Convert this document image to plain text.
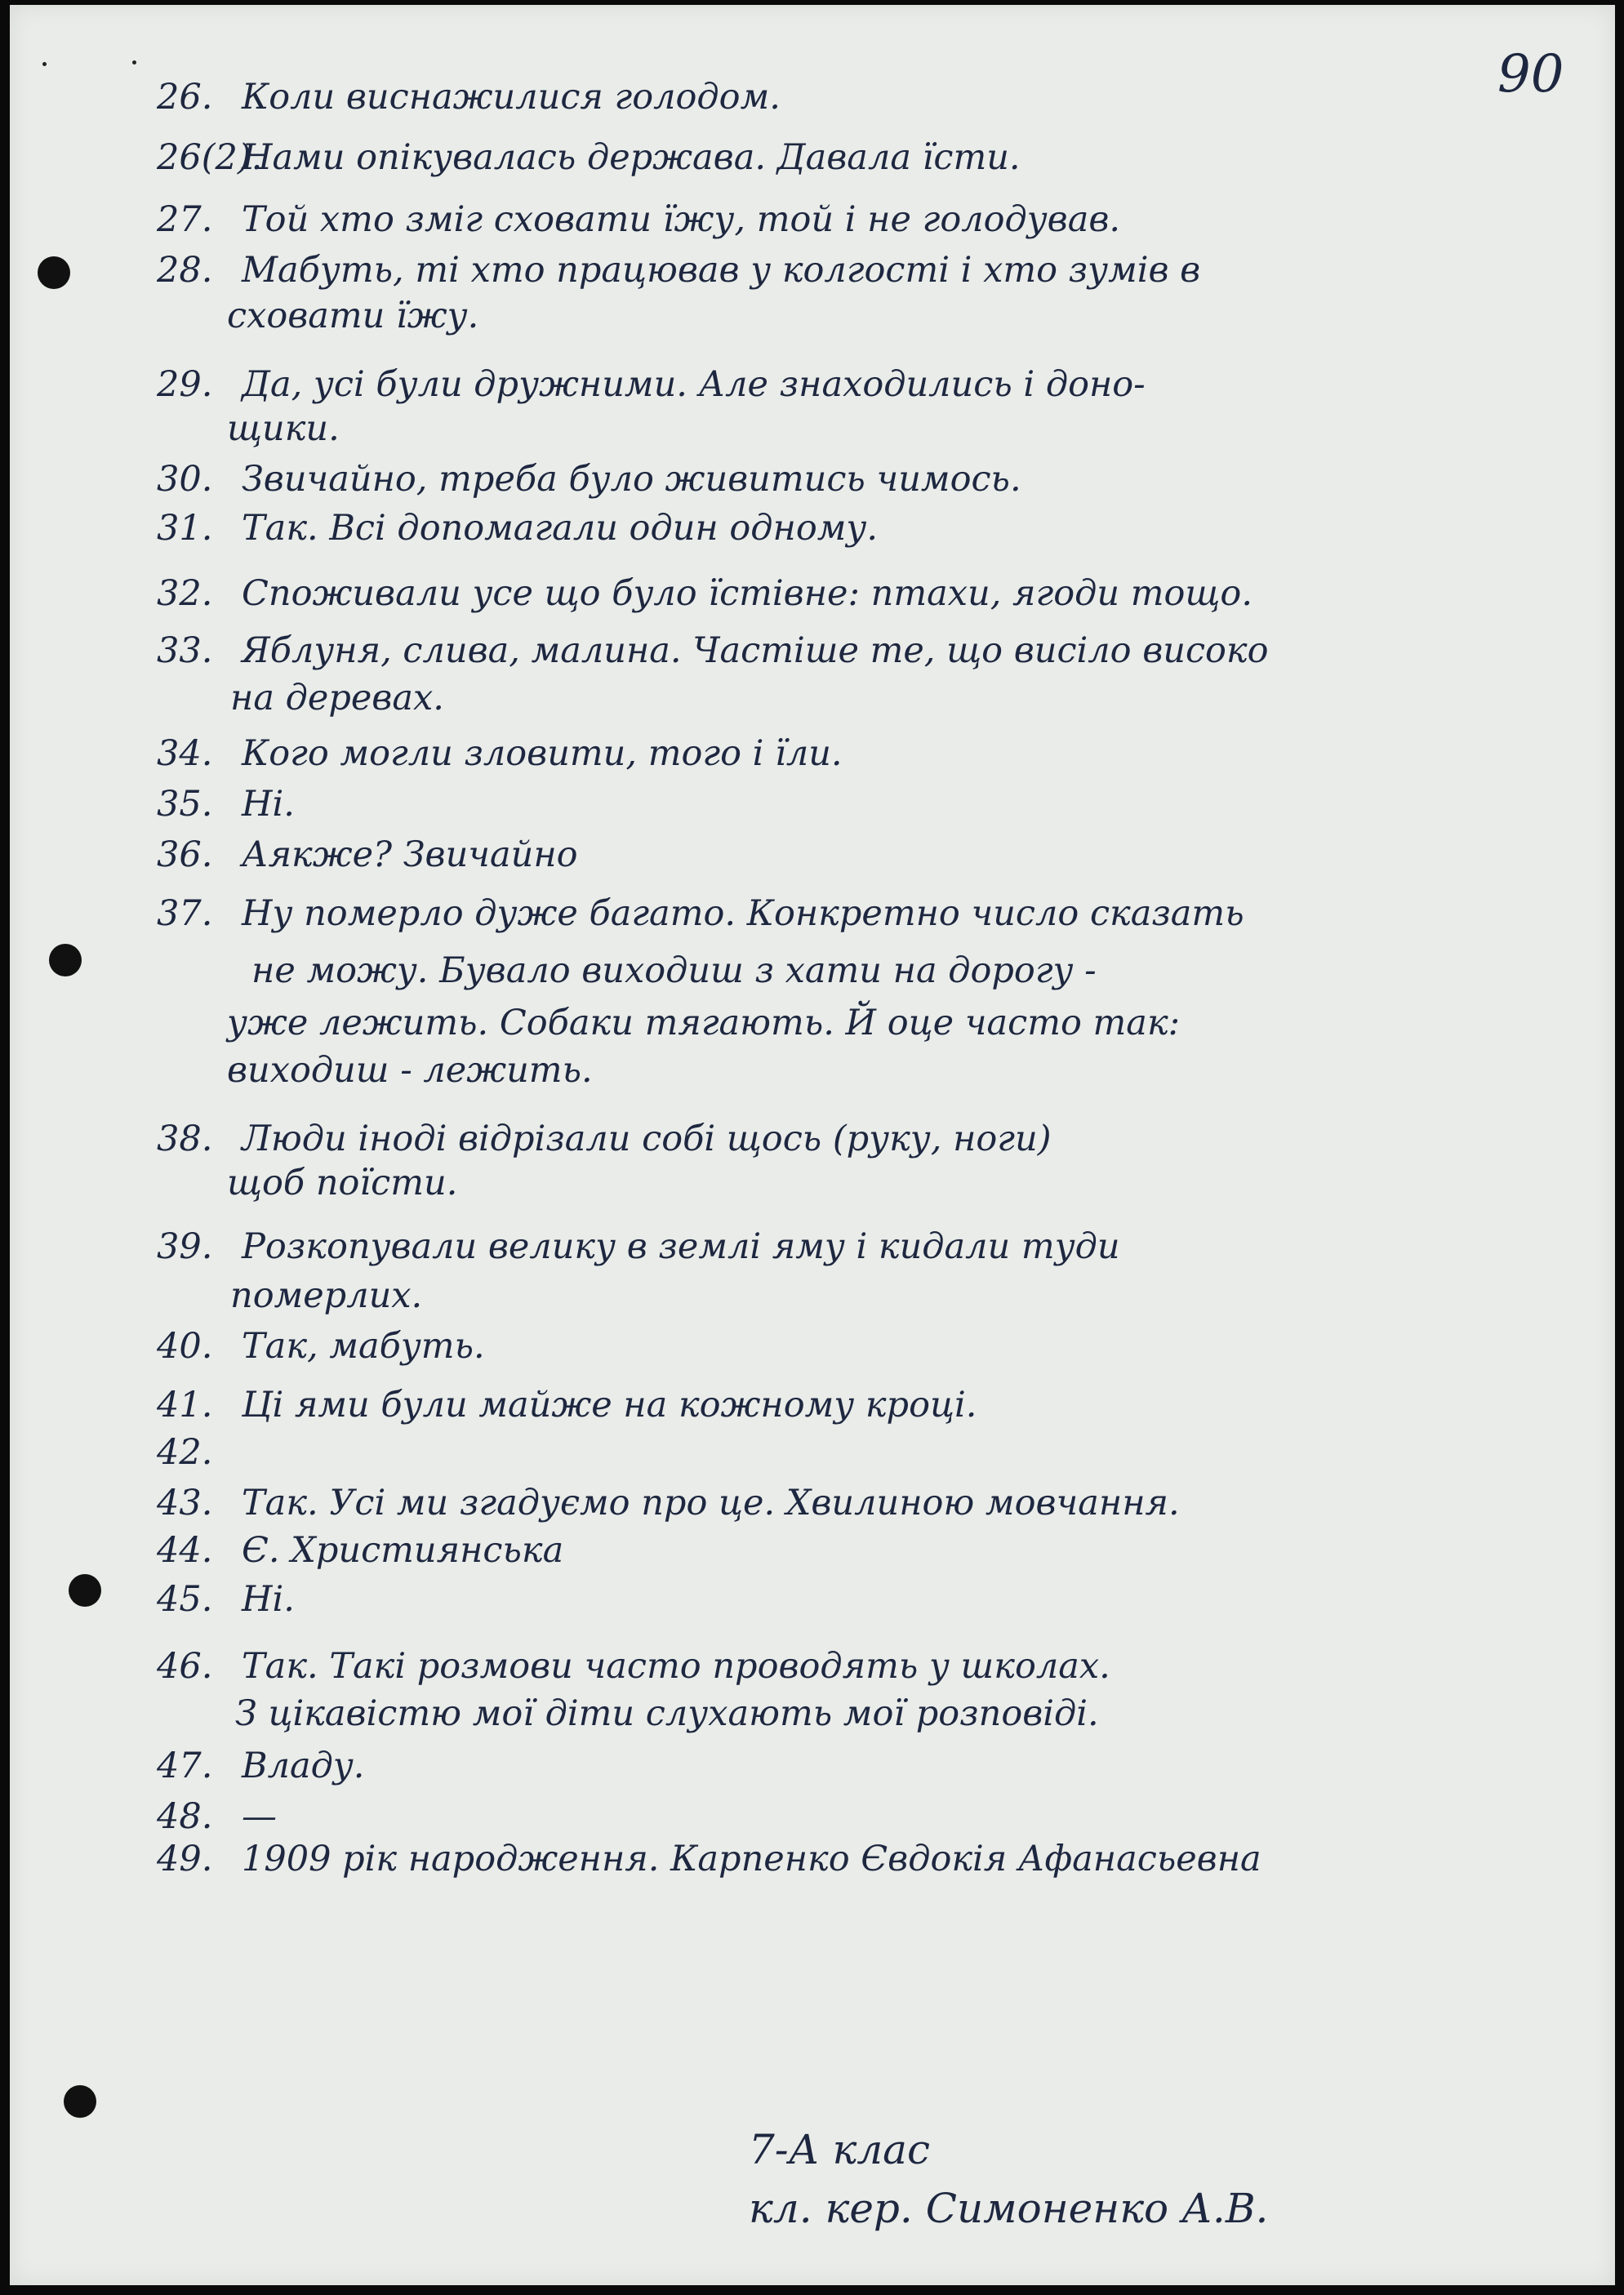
90
26. Коли виснажилися голодом.
26(2).Нами опікувалась держава. Давала їсти.
27. Той хто зміг сховати їжу, той і не голодував.
28. Мабуть, ті хто працював у колгості і хто зумів в
сховати їжу.
29. Да, усі були дружними. Але знаходились і доно-
щики.
30. Звичайно, треба було живитись чимось.
31. Так. Всі допомагали один одному.
32. Споживали усе що було їстівне: птахи, ягоди тощо.
33. Яблуня, слива, малина. Частіше те, що висіло високо
на деревах.
34. Кого могли зловити, того і їли.
35. Ні.
36. Аякже? Звичайно
37. Ну померло дуже багато. Конкретно число сказать
не можу. Бувало виходиш з хати на дорогу -
уже лежить. Собаки тягають. Й оце часто так:
виходиш - лежить.
38. Люди іноді відрізали собі щось (руку, ноги)
щоб поїсти.
39. Розкопували велику в землі яму і кидали туди
померлих.
40. Так, мабуть.
41. Ці ями були майже на кожному кроці.
42.
43. Так. Усі ми згадуємо про це. Хвилиною мовчання.
44. Є. Християнська
45. Ні.
46. Так. Такі розмови часто проводять у школах.
З цікавістю мої діти слухають мої розповіді.
47. Владу.
48. —
49. 1909 рік народження. Карпенко Євдокія Афанасьевна
7-А клас
кл. кер. Симоненко А.В.
